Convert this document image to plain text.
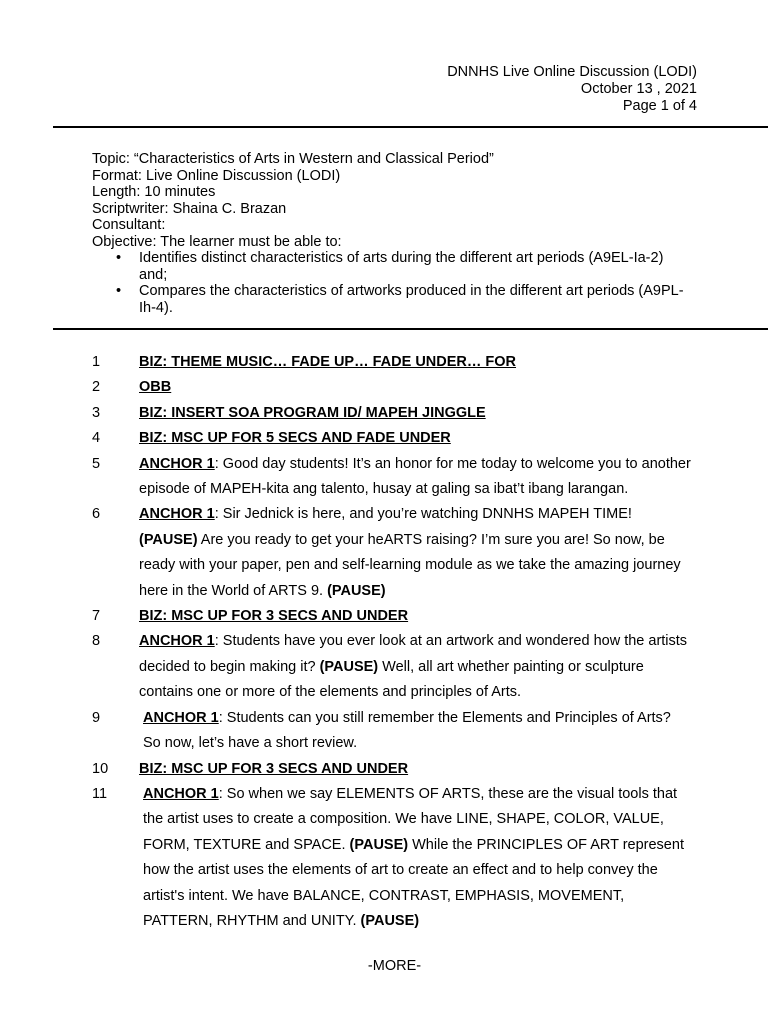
DNNHS Live Online Discussion (LODI)
October 13 , 2021
Page 1 of 4
Topic: “Characteristics of Arts in Western and Classical Period”
Format: Live Online Discussion (LODI)
Length: 10 minutes
Scriptwriter: Shaina C. Brazan
Consultant:
Objective: The learner must be able to:
• Identifies distinct characteristics of arts during the different art periods (A9EL-Ia-2) and;
• Compares the characteristics of artworks produced in the different art periods (A9PL-Ih-4).
1	BIZ: THEME MUSIC… FADE UP… FADE UNDER… FOR
2	OBB
3	BIZ: INSERT SOA PROGRAM ID/ MAPEH JINGGLE
4	BIZ: MSC UP FOR 5 SECS AND FADE UNDER
5	ANCHOR 1: Good day students! It’s an honor for me today to welcome you to another episode of MAPEH-kita ang talento, husay at galing sa ibat’t ibang larangan.
6	ANCHOR 1: Sir Jednick is here, and you’re watching DNNHS MAPEH TIME! (PAUSE) Are you ready to get your heARTS raising? I’m sure you are! So now, be ready with your paper, pen and self-learning module as we take the amazing journey here in the World of ARTS 9. (PAUSE)
7	BIZ: MSC UP FOR 3 SECS AND UNDER
8	ANCHOR 1: Students have you ever look at an artwork and wondered how the artists decided to begin making it? (PAUSE) Well, all art whether painting or sculpture contains one or more of the elements and principles of Arts.
9	ANCHOR 1: Students can you still remember the Elements and Principles of Arts? So now, let’s have a short review.
10	BIZ: MSC UP FOR 3 SECS AND UNDER
11	ANCHOR 1: So when we say ELEMENTS OF ARTS, these are the visual tools that the artist uses to create a composition. We have LINE, SHAPE, COLOR, VALUE, FORM, TEXTURE and SPACE. (PAUSE) While the PRINCIPLES OF ART represent how the artist uses the elements of art to create an effect and to help convey the artist's intent. We have BALANCE, CONTRAST, EMPHASIS, MOVEMENT, PATTERN, RHYTHM and UNITY. (PAUSE)
-MORE-
